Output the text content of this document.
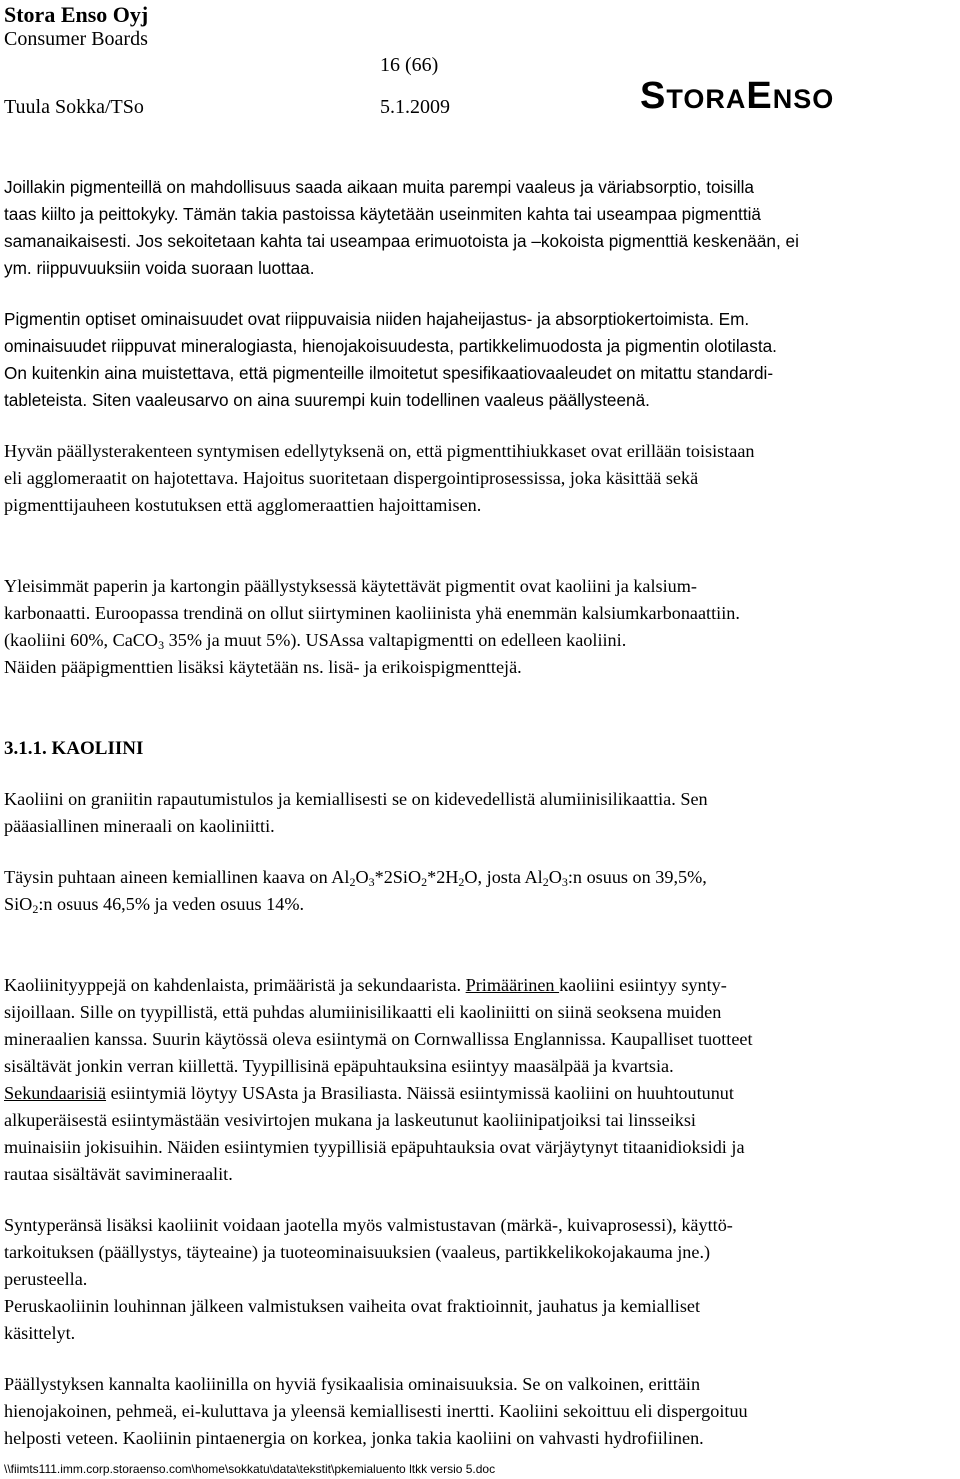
Stora Enso Oyj
Consumer Boards
16 (66)
Tuula Sokka/TSo	5.1.2009	StoraEnso

Joillakin pigmenteillä on mahdollisuus saada aikaan muita parempi vaaleus ja väriabsorptio, toisilla

taas kiilto ja peittokyky. Tämän takia pastoissa käytetään useinmiten kahta tai useampaa pigmenttiä

samanaikaisesti. Jos sekoitetaan kahta tai useampaa erimuotoista ja –kokoista pigmenttiä keskenään, ei

ym. riippuvuuksiin voida suoraan luottaa.

Pigmentin optiset ominaisuudet ovat riippuvaisia niiden hajaheijastus- ja absorptiokertoimista. Em.

ominaisuudet riippuvat mineralogiasta, hienojakoisuudesta, partikkelimuodosta ja pigmentin olotilasta.

On kuitenkin aina muistettava, että pigmenteille ilmoitetut spesifikaatiovaaleudet on mitattu standardi-

tableteista. Siten vaaleusarvo on aina suurempi kuin todellinen vaaleus päällysteenä.

Hyvän päällysterakenteen syntymisen edellytyksenä on, että pigmenttihiukkaset ovat erillään toisistaan

eli agglomeraatit on hajotettava. Hajoitus suoritetaan dispergointiprosessissa, joka käsittää sekä

pigmenttijauheen kostutuksen että agglomeraattien hajoittamisen.

Yleisimmät paperin ja kartongin päällystyksessä käytettävät pigmentit ovat kaoliini ja kalsium-

karbonaatti. Euroopassa trendinä on ollut siirtyminen kaoliinista yhä enemmän kalsiumkarbonaattiin.

(kaoliini 60%, CaCO$_3$ 35% ja muut 5%). USAssa valtapigmentti on edelleen kaoliini.

Näiden pääpigmenttien lisäksi käytetään ns. lisä- ja erikoispigmenttejä.

3.1.1. KAOLIINI

Kaoliini on graniitin rapautumistulos ja kemiallisesti se on kidevedellistä alumiinisilikaattia. Sen

pääasiallinen mineraali on kaoliniitti.

Täysin puhtaan aineen kemiallinen kaava on $Al_2O_3*2SiO_2*2H_2O$, josta $Al_2O_3:n$ osuus on 39,5%,

SiO$_2$:n osuus 46,5% ja veden osuus 14%.

Kaoliinityyppejä on kahdenlaista, primääristä ja sekundaarista. Primäärinen kaoliini esiintyy synty-

sijoillaan. Sille on tyypillistä, että puhdas alumiinisilikaatti eli kaoliniitti on siinä seoksena muiden

mineraalien kanssa. Suurin käytössä oleva esiintymä on Cornwallissa Englannissa. Kaupalliset tuotteet

sisältävät jonkin verran kiillettä. Tyypillisinä epäpuhtauksina esiintyy maasälpää ja kvartsia.

Sekundaarisiä esiintymiä löytyy USAsta ja Brasiliasta. Näissä esiintymissä kaoliini on huuhtoutunut

alkuperäisestä esiintymästään vesivirtojen mukana ja laskeutunut kaoliinipatjoiksi tai linsseiksi

muinaisiin jokisuihin. Näiden esiintymien tyypillisiä epäpuhtauksia ovat värjäytynyt titaanidioksidi ja

rautaa sisältävät savimineraalit.

Syntyperänsä lisäksi kaoliinit voidaan jaotella myös valmistustavan (märkä-, kuivaprosessi), käyttö-

tarkoituksen (päällystys, täyteaine) ja tuoteominaisuuksien (vaaleus, partikkelikokojakauma jne.)

perusteella.

Peruskaoliinin louhinnan jälkeen valmistuksen vaiheita ovat fraktioinnit, jauhatus ja kemialliset

käsittelyt.

Päällystyksen kannalta kaoliinilla on hyviä fysikaalisia ominaisuuksia. Se on valkoinen, erittäin

hienojakoinen, pehmeä, ei-kuluttava ja yleensä kemiallisesti inertti. Kaoliini sekoittuu eli dispergoituu

helposti veteen. Kaoliinin pintaenergia on korkea, jonka takia kaoliini on vahvasti hydrofiilinen.

\\fiimts111.imm.corp.storaenso.com\home\sokkatu\data\tekstit\pkemialuento ltkk versio 5.doc
